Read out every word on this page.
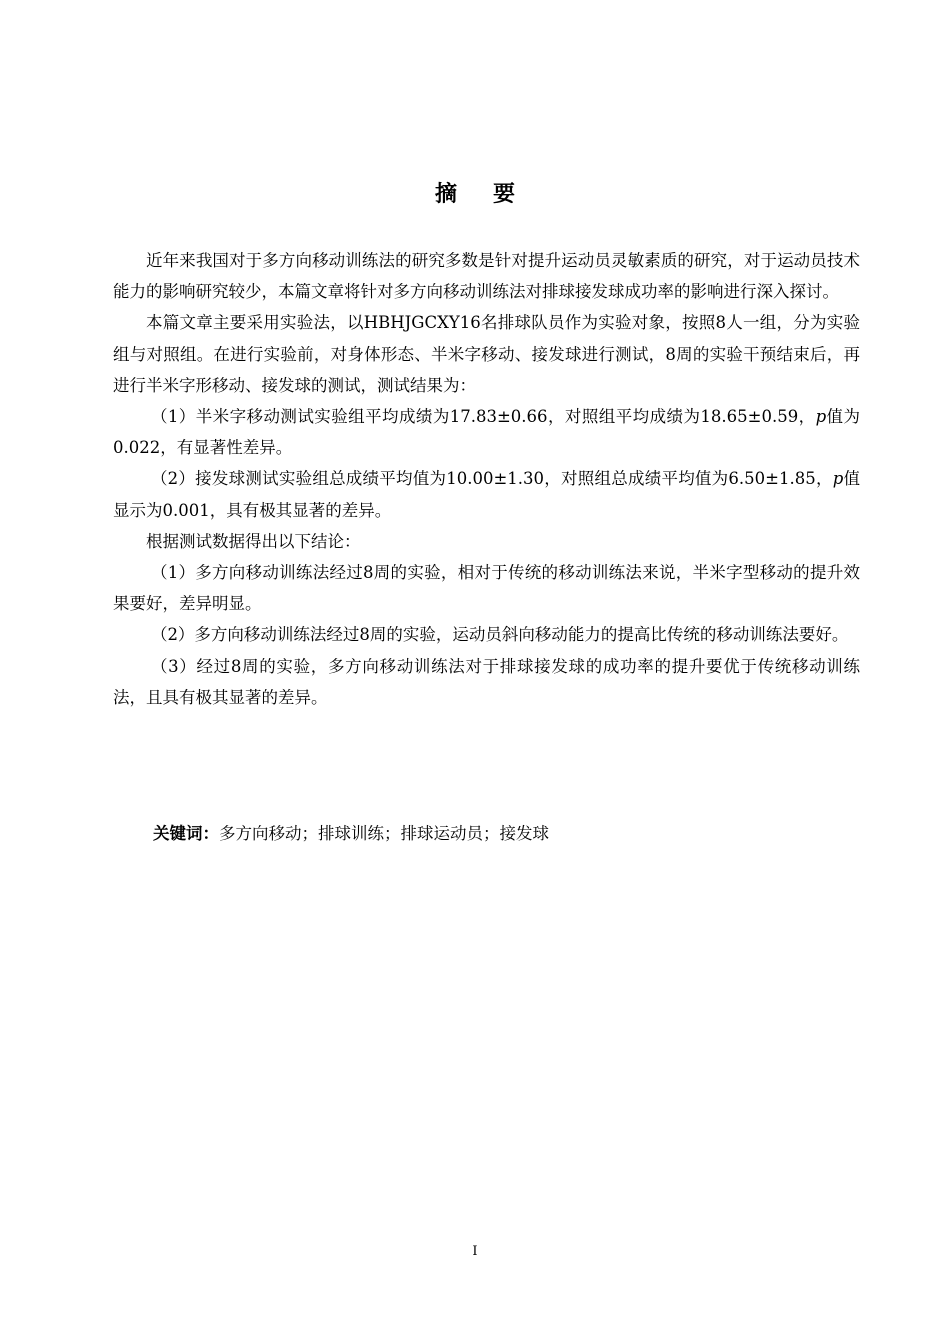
摘要

近年来我国对于多方向移动训练法的研究多数是针对提升运动员灵敏素质的研究，对于运动员技术能力的影响研究较少，本篇文章将针对多方向移动训练法对排球接发球成功率的影响进行深入探讨。

本篇文章主要采用实验法，以HBHJGCXY16名排球队员作为实验对象，按照8人一组，分为实验组与对照组。在进行实验前，对身体形态、半米字移动、接发球进行测试，8周的实验干预结束后，再进行半米字形移动、接发球的测试，测试结果为：

（1）半米字移动测试实验组平均成绩为17.83±0.66，对照组平均成绩为18.65±0.59，p值为0.022，有显著性差异。

（2）接发球测试实验组总成绩平均值为10.00±1.30，对照组总成绩平均值为6.50±1.85，p值显示为0.001，具有极其显著的差异。

根据测试数据得出以下结论：

（1）多方向移动训练法经过8周的实验，相对于传统的移动训练法来说，半米字型移动的提升效果要好，差异明显。

（2）多方向移动训练法经过8周的实验，运动员斜向移动能力的提高比传统的移动训练法要好。

（3）经过8周的实验，多方向移动训练法对于排球接发球的成功率的提升要优于传统移动训练法，且具有极其显著的差异。

关键词：多方向移动；排球训练；排球运动员；接发球
I
